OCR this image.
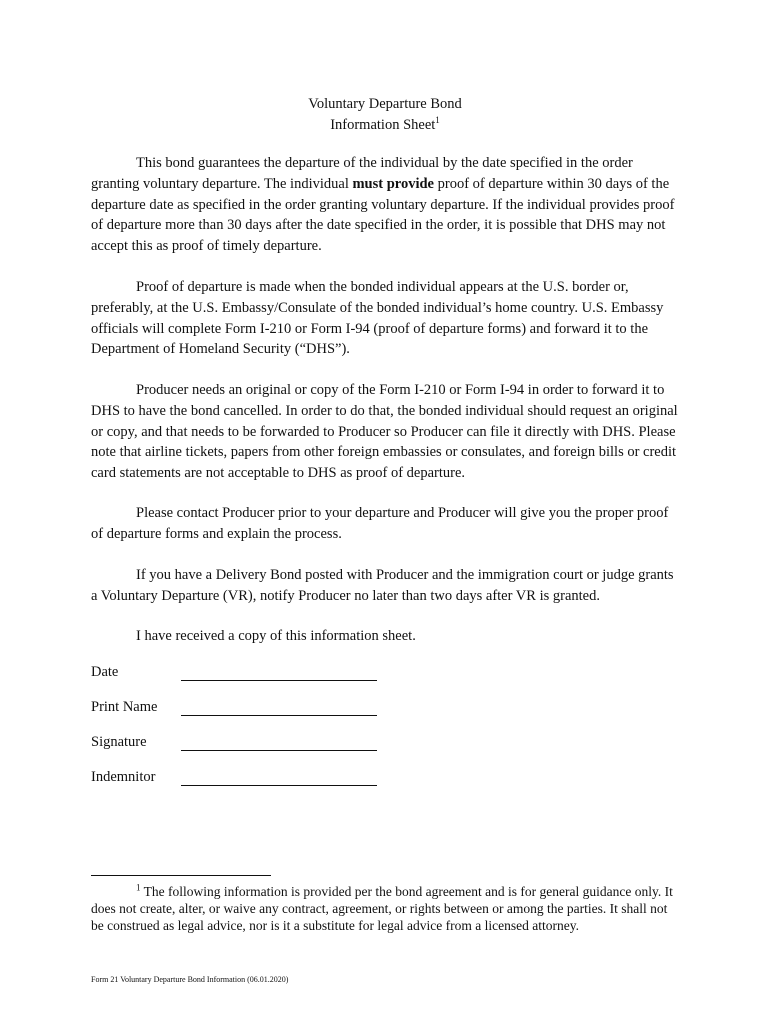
Voluntary Departure Bond
Information Sheet$^1$

This bond guarantees the departure of the individual by the date specified in the order granting voluntary departure. The individual must provide proof of departure within 30 days of the departure date as specified in the order granting voluntary departure. If the individual provides proof of departure more than 30 days after the date specified in the order, it is possible that DHS may not accept this as proof of timely departure.

Proof of departure is made when the bonded individual appears at the U.S. border or, preferably, at the U.S. Embassy/Consulate of the bonded individual’s home country. U.S. Embassy officials will complete Form I-210 or Form I-94 (proof of departure forms) and forward it to the Department of Homeland Security (“DHS”).

Producer needs an original or copy of the Form I-210 or Form I-94 in order to forward it to DHS to have the bond cancelled. In order to do that, the bonded individual should request an original or copy, and that needs to be forwarded to Producer so Producer can file it directly with DHS. Please note that airline tickets, papers from other foreign embassies or consulates, and foreign bills or credit card statements are not acceptable to DHS as proof of departure.

Please contact Producer prior to your departure and Producer will give you the proper proof of departure forms and explain the process.

If you have a Delivery Bond posted with Producer and the immigration court or judge grants a Voluntary Departure (VR), notify Producer no later than two days after VR is granted.

I have received a copy of this information sheet.

Date
Print Name
Signature
Indemnitor

$^1$ The following information is provided per the bond agreement and is for general guidance only. It does not create, alter, or waive any contract, agreement, or rights between or among the parties. It shall not be construed as legal advice, nor is it a substitute for legal advice from a licensed attorney.

Form 21 Voluntary Departure Bond Information (06.01.2020)
